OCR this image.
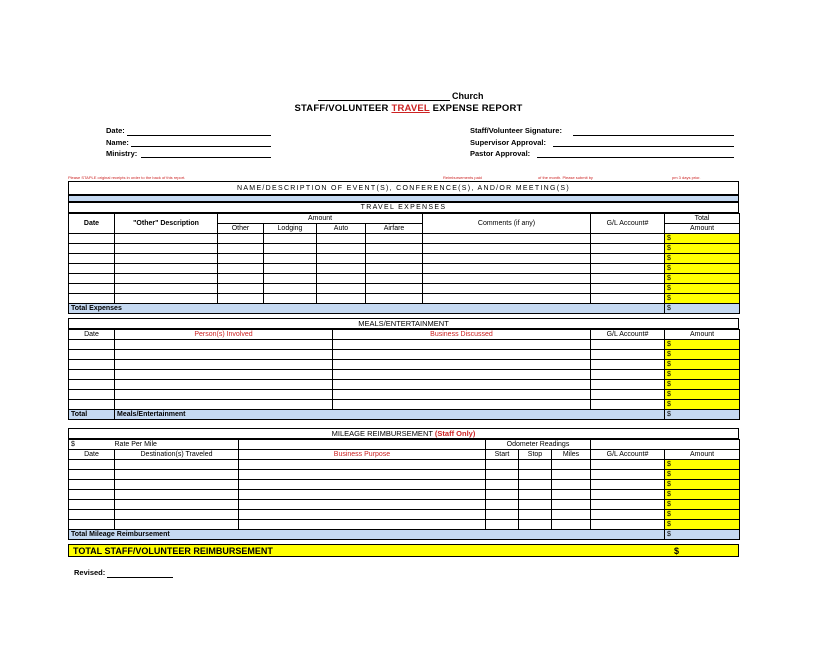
Church
STAFF/VOLUNTEER TRAVEL EXPENSE REPORT
Date:
Name:
Ministry:
Staff/Volunteer Signature:
Supervisor Approval:
Pastor Approval:
Please STAPLE original receipts in order to the back of this report.	Reimbursements paid	of the month. Please submit by	pm 3 days prior.
NAME/DESCRIPTION OF EVENT(S), CONFERENCE(S), AND/OR MEETING(S)
TRAVEL EXPENSES
Date	"Other" Description	Amount				Comments (if any)	G/L Account#	Total
		Other	Lodging	Auto	Airfare			Amount
								$
								$
								$
								$
								$
								$
								$
Total Expenses								$
MEALS/ENTERTAINMENT
Date	Person(s) Involved	Business Discussed	G/L Account#	Amount
				$
				$
				$
				$
				$
				$
				$
Total	Meals/Entertainment			$
MILEAGE REIMBURSEMENT (Staff Only)
$	Rate Per Mile		Odometer Readings				
Date	Destination(s) Traveled	Business Purpose	Start	Stop	Miles	G/L Account#	Amount
							$
							$
							$
							$
							$
							$
							$
Total Mileage Reimbursement							$
TOTAL STAFF/VOLUNTEER REIMBURSEMENT	$
Revised:
